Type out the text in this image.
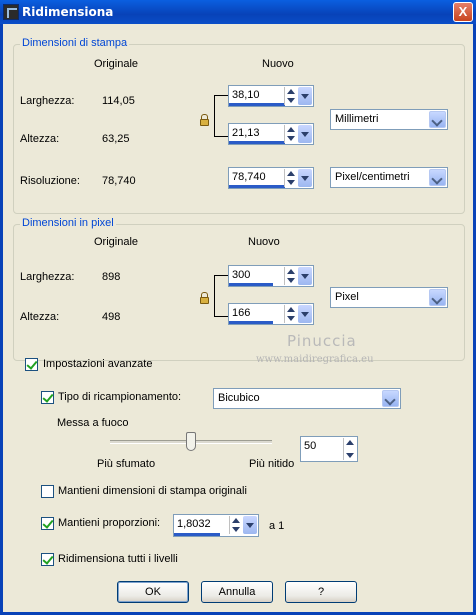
Ridimensiona	X
Dimensioni di stampa
Originale	Nuovo
Larghezza:	114,05	38,10
Altezza:	63,25	21,13
Millimetri
Risoluzione: 78,740	78,740	Pixel/centimetri
Dimensioni in pixel
Originale	Nuovo
Larghezza:	898	300
Altezza:	498	166
Pixel
Pinuccia
www.maidiregrafica.eu
Impostazioni avanzate
Tipo di ricampionamento:	Bicubico
Messa a fuoco
Più sfumato	Più nitido
50
Mantieni dimensioni di stampa originali
Mantieni proporzioni: 1,8032	a 1
Ridimensiona tutti i livelli
OK	Annulla	?
